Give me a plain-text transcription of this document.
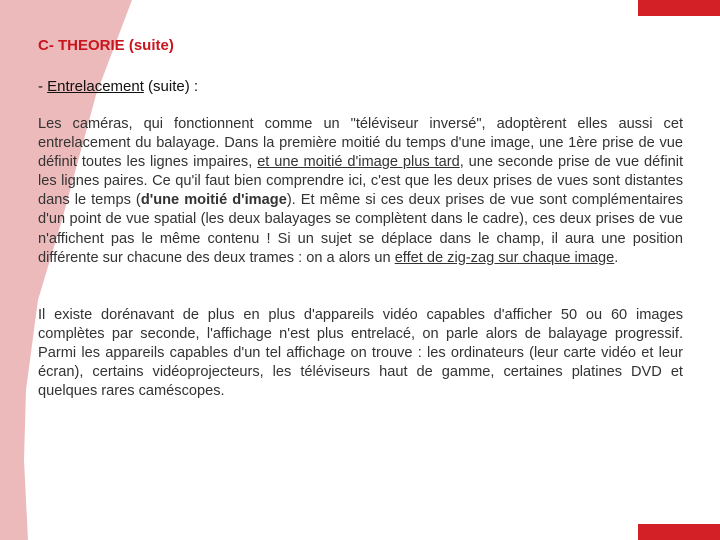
C- THEORIE (suite)
- Entrelacement (suite) :

Les caméras, qui fonctionnent comme un "téléviseur inversé", adoptèrent elles aussi cet entrelacement du balayage. Dans la première moitié du temps d'une image, une 1ère prise de vue définit toutes les lignes impaires, et une moitié d'image plus tard, une seconde prise de vue définit les lignes paires. Ce qu'il faut bien comprendre ici, c'est que les deux prises de vues sont distantes dans le temps (d'une moitié d'image). Et même si ces deux prises de vue sont complémentaires d'un point de vue spatial (les deux balayages se complètent dans le cadre), ces deux prises de vue n'affichent pas le même contenu ! Si un sujet se déplace dans le champ, il aura une position différente sur chacune des deux trames : on a alors un effet de zig-zag sur chaque image.

Il existe dorénavant de plus en plus d'appareils vidéo capables d'afficher 50 ou 60 images complètes par seconde, l'affichage n'est plus entrelacé, on parle alors de balayage progressif. Parmi les appareils capables d'un tel affichage on trouve : les ordinateurs (leur carte vidéo et leur écran), certains vidéoprojecteurs, les téléviseurs haut de gamme, certaines platines DVD et quelques rares caméscopes.
